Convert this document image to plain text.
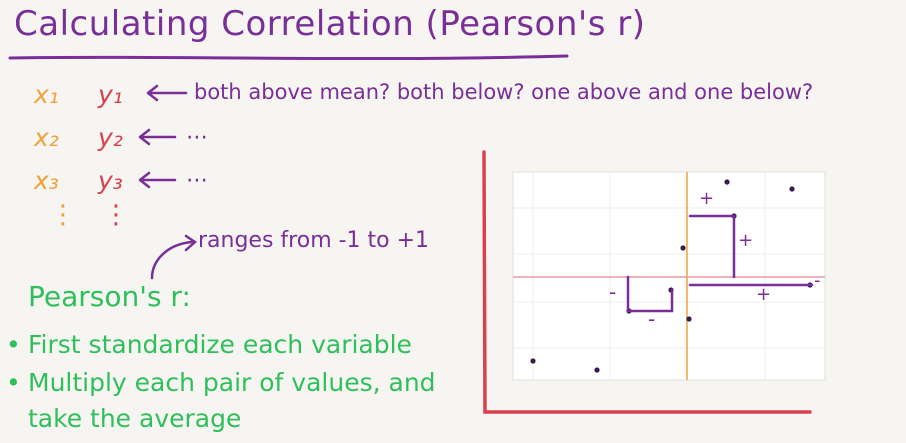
Calculating Correlation (Pearson's r)
x₁ y₁	both above mean? both below? one above and one below?
x₂ y₂	⋯
x₃ y₃	⋯
⋮ ⋮
ranges from -1 to +1
Pearson's r:
• First standardize each variable
• Multiply each pair of values, and
take the average
+
+
+
-
-
-
